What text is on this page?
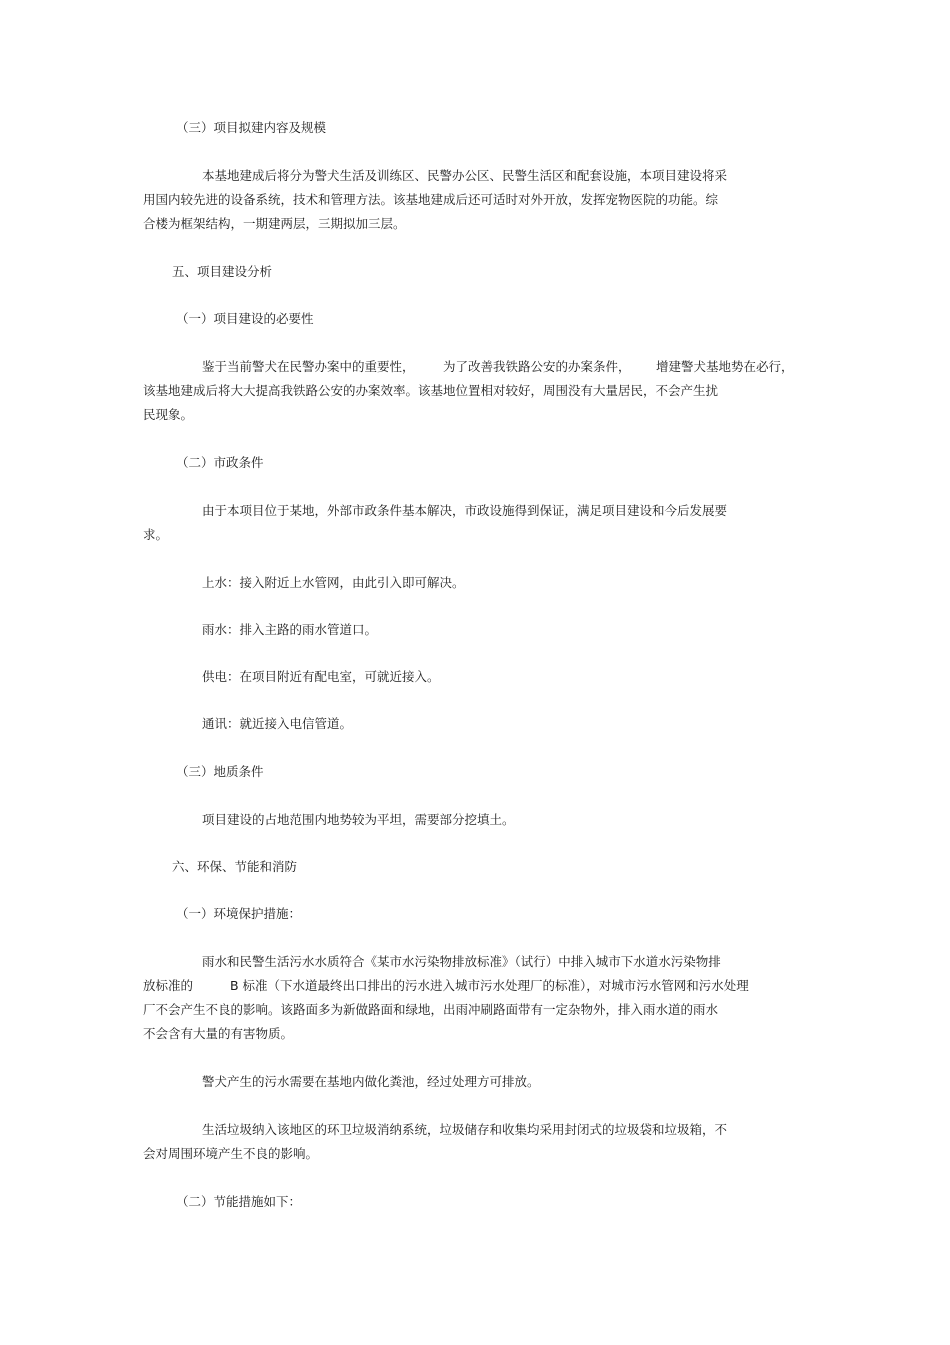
（三）项目拟建内容及规模

本基地建成后将分为警犬生活及训练区、民警办公区、民警生活区和配套设施，本项目建设将采

用国内较先进的设备系统，技术和管理方法。该基地建成后还可适时对外开放，发挥宠物医院的功能。综

合楼为框架结构，一期建两层，三期拟加三层。

五、项目建设分析

（一）项目建设的必要性

鉴于当前警犬在民警办案中的重要性， 为了改善我铁路公安的办案条件， 增建警犬基地势在必行，

该基地建成后将大大提高我铁路公安的办案效率。该基地位置相对较好，周围没有大量居民，不会产生扰

民现象。

（二）市政条件

由于本项目位于某地，外部市政条件基本解决，市政设施得到保证，满足项目建设和今后发展要

求。

上水：接入附近上水管网，由此引入即可解决。

雨水：排入主路的雨水管道口。

供电：在项目附近有配电室，可就近接入。

通讯：就近接入电信管道。

（三）地质条件

项目建设的占地范围内地势较为平坦，需要部分挖填土。

六、环保、节能和消防

（一）环境保护措施：

雨水和民警生活污水水质符合《某市水污染物排放标准》（试行）中排入城市下水道水污染物排

放标准的	B 标准（下水道最终出口排出的污水进入城市污水处理厂的标准），对城市污水管网和污水处理

厂不会产生不良的影响。该路面多为新做路面和绿地，出雨冲刷路面带有一定杂物外，排入雨水道的雨水

不会含有大量的有害物质。

警犬产生的污水需要在基地内做化粪池，经过处理方可排放。

生活垃圾纳入该地区的环卫垃圾消纳系统，垃圾储存和收集均采用封闭式的垃圾袋和垃圾箱，不

会对周围环境产生不良的影响。

（二）节能措施如下：
